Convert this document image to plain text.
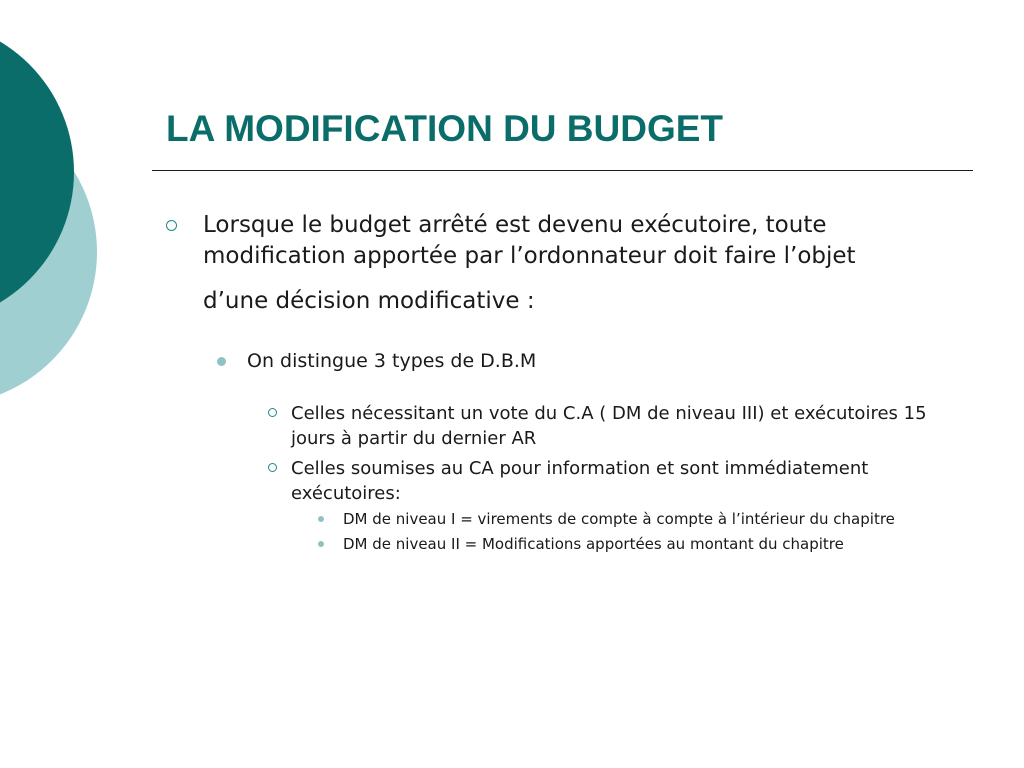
LA MODIFICATION DU BUDGET
Lorsque le budget arrêté est devenu exécutoire, toute modification apportée par l’ordonnateur doit faire l’objet
d’une décision modificative :
On distingue 3 types de D.B.M
Celles nécessitant un vote du C.A ( DM de niveau III) et exécutoires 15 jours à partir du dernier AR
Celles soumises au CA pour information et sont immédiatement exécutoires:
DM de niveau I = virements de compte à compte à l’intérieur du chapitre
DM de niveau II = Modifications apportées au montant du chapitre
